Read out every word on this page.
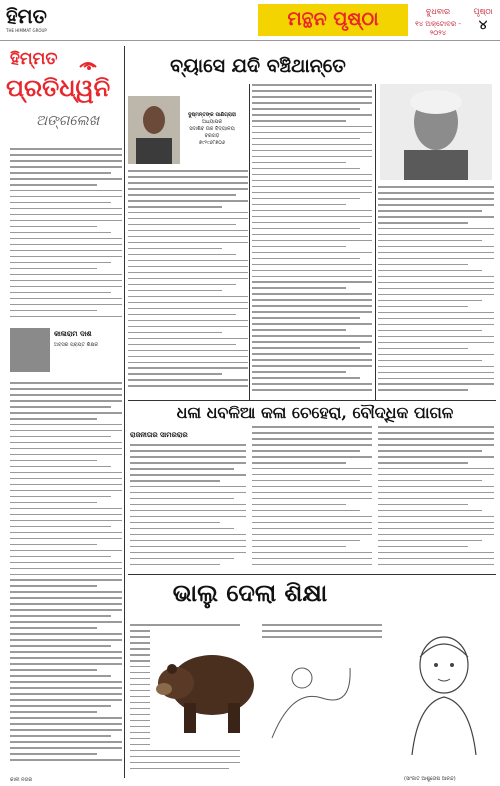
ହିମତ
THE HIMMAT GROUP
ମନ୍ଥନ ପୃଷ୍ଠା	ବୁଧବାର
୧୪ ଅକ୍ଟୋବର - ୨୦୨୪
ପୃଷ୍ଠା
୪
ହିମ୍ମତ
ପ୍ରତିଧ୍ୱନି
ଅଙ୍ଗଲେଖ
ବ୍ୟାସେ ଯଦି ବଞ୍ଚିଥାନ୍ତେ
ଦୁଷ୍ମନ୍ତଙ୍କ ପାଣିଗ୍ରାହୀ
ଅଧ୍ୟାପକ
ସଦାଶିବ ଉଚ୍ଚ ବିଦ୍ୟାଳୟ
ବରଗଡ଼
୭୯୨୯୬୮୭୦୬
କାଳାରାମ ଦାଶ
ଅବସର ପ୍ରାପ୍ତ ଶିକ୍ଷକ
ଧଳା ଧବଳିଆ କଳା ଚେହେରା, ବୌଦ୍ଧିକ ପାଗଳ
ରାଜନୀତାର ସାମରରାର
ଭାଲୁ ଦେଲା ଶିକ୍ଷା
(ସାଂଜାତ ଆଶୁତୋଷ ଆନନ୍ଦ)
କାଳୀ ନଗର
